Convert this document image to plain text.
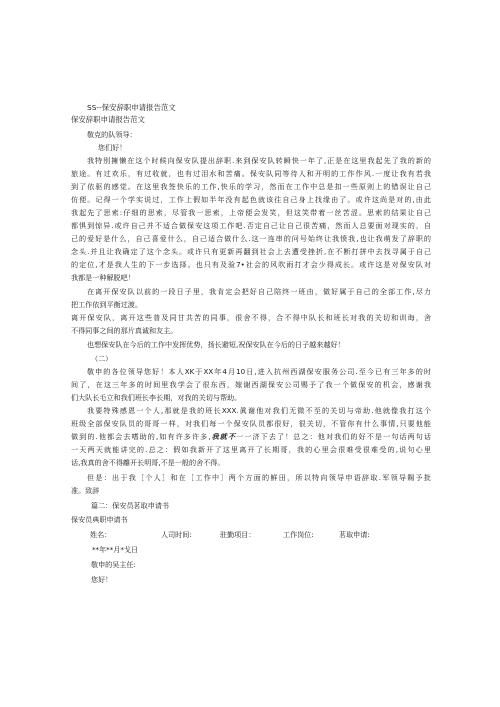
SS--保安辞职申请报告范文
保安辞职申请报告范文
敬克的队领导：
您们好！
我特别擁懒在这个时候向保安队提出辞职.来到保安队转瞬快一年了,正是在这里我起先了我的新的
旅途。有过欢乐，有过收就，也有过泪水和苦痛。保安队同等待人和开明的工作作风.一度让我有若我
到了依驱的感觉。在这里我签快乐的工作,快乐的学习，然而在工作中总是扣一些原则上的错误让自己
仿便。记得一个学实说过，工作上假如半年没有起色就该往自己身上找缘由了。或许这尚是对的,由此
我起先了思索:仔细的思索，尽管我一思索，上帝便会发笑，但这笑带着一丝苦涩。思索的结果让自己
都惧到惊异.或许自己并不适合做保安这项工作吧.否定自己让自己很苦痛，然而人总要面对现实的，自
己的爱好是什么，自己喜爱什么，自己适合做什么.这一连串的问号始终让我愤我,也让我萌发了辞职的
念头.并且让我确定了这个念头。或许只有更新再翻到社会上去遭受挫折,在不断打拼中去找寻属于自己
的定位,才是我人生的下一步选择。也只有及验7•社会的风吹雨打才会少得成长。或许这是对保安队对
我都是一种解脱吧！
在离开保安队以前的一段日子里，我肯定会把好自己陪终一班由，做好属于自己的全部工作,尽力
把工作依到平衡过渡。
离开保安队，离开这些普及同甘共苦的同事，很舍不得，合不得中队长和班长对我的关切和训诲，舍
不得同事之间的那片真诚和友主。
也想保安队在今后的工作中发挥优势，扬长避短,祝保安队在今后的日子越来越好！
（二）
敬申的各位领导您好！本人XK于XX年4月10日,进入抗州西湖保安服务公司.至今已有三年多的时
间了，在这三年多的时间里我学会了很东西，嫁谢西湖保安公司赐予了我一个做保安的机会，感谢我
们大队长毛立和我们班长李长期，对我的关切与帮助。
我要特殊感恩一个人,那就是我的班长XXX.眞谢他对我们无微不至的关切与帝助.他就像我打这个
班级全部保安队员的哥哥一样，对我们每一个保安队员都很好，很关切，不管你有什么事情,只要他能
做到的.他都会去嗜助的,如有许多许多,我就不一一济下去了！总之：他对我们的好不是一句话两句话
一天两天就能讲完的.总之：假如我新开了这里离开了长期哥，我的心里会很难受很难受的,说句心里
话,我真的舍不得離开长明哥,不是一般的舍不得。
但是：出于我［个人］和在［工作中］两个方面的鮮田，所以特向领导申语辞取.军领导賜予批
准。致辞
篇二：保安员茗取申请书
保安员典职申请书
姓名：	人司时间:	驻勤项目：	工作岗位:	茗取申请:
**年**月*戈日
敬申的吴主任:
您好！
